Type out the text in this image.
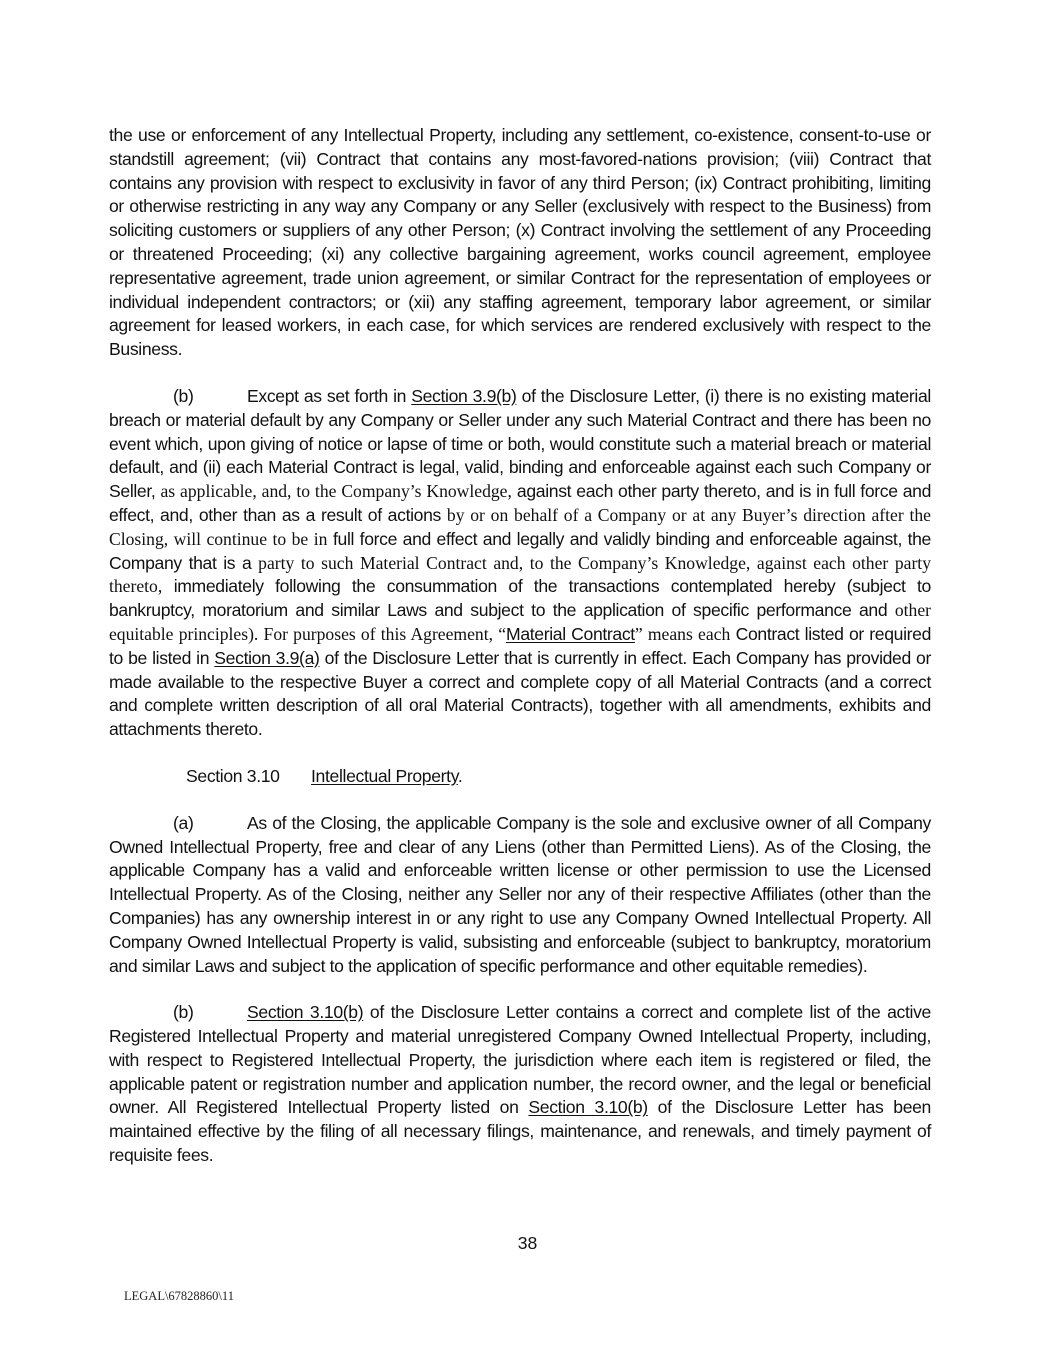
the use or enforcement of any Intellectual Property, including any settlement, co-existence, consent-to-use or standstill agreement; (vii) Contract that contains any most-favored-nations provision; (viii) Contract that contains any provision with respect to exclusivity in favor of any third Person; (ix) Contract prohibiting, limiting or otherwise restricting in any way any Company or any Seller (exclusively with respect to the Business) from soliciting customers or suppliers of any other Person; (x) Contract involving the settlement of any Proceeding or threatened Proceeding; (xi) any collective bargaining agreement, works council agreement, employee representative agreement, trade union agreement, or similar Contract for the representation of employees or individual independent contractors; or (xii) any staffing agreement, temporary labor agreement, or similar agreement for leased workers, in each case, for which services are rendered exclusively with respect to the Business.

(b)	Except as set forth in Section 3.9(b) of the Disclosure Letter, (i) there is no existing material breach or material default by any Company or Seller under any such Material Contract and there has been no event which, upon giving of notice or lapse of time or both, would constitute such a material breach or material default, and (ii) each Material Contract is legal, valid, binding and enforceable against each such Company or Seller, as applicable, and, to the Company’s Knowledge, against each other party thereto, and is in full force and effect, and, other than as a result of actions by or on behalf of a Company or at any Buyer’s direction after the Closing, will continue to be in full force and effect and legally and validly binding and enforceable against, the Company that is a party to such Material Contract and, to the Company’s Knowledge, against each other party thereto, immediately following the consummation of the transactions contemplated hereby (subject to bankruptcy, moratorium and similar Laws and subject to the application of specific performance and other equitable principles). For purposes of this Agreement, “Material Contract” means each Contract listed or required to be listed in Section 3.9(a) of the Disclosure Letter that is currently in effect. Each Company has provided or made available to the respective Buyer a correct and complete copy of all Material Contracts (and a correct and complete written description of all oral Material Contracts), together with all amendments, exhibits and attachments thereto.

Section 3.10 Intellectual Property.

(a)	As of the Closing, the applicable Company is the sole and exclusive owner of all Company Owned Intellectual Property, free and clear of any Liens (other than Permitted Liens). As of the Closing, the applicable Company has a valid and enforceable written license or other permission to use the Licensed Intellectual Property. As of the Closing, neither any Seller nor any of their respective Affiliates (other than the Companies) has any ownership interest in or any right to use any Company Owned Intellectual Property. All Company Owned Intellectual Property is valid, subsisting and enforceable (subject to bankruptcy, moratorium and similar Laws and subject to the application of specific performance and other equitable remedies).

(b)	Section 3.10(b) of the Disclosure Letter contains a correct and complete list of the active Registered Intellectual Property and material unregistered Company Owned Intellectual Property, including, with respect to Registered Intellectual Property, the jurisdiction where each item is registered or filed, the applicable patent or registration number and application number, the record owner, and the legal or beneficial owner. All Registered Intellectual Property listed on Section 3.10(b) of the Disclosure Letter has been maintained effective by the filing of all necessary filings, maintenance, and renewals, and timely payment of requisite fees.

38
LEGAL\67828860\11
